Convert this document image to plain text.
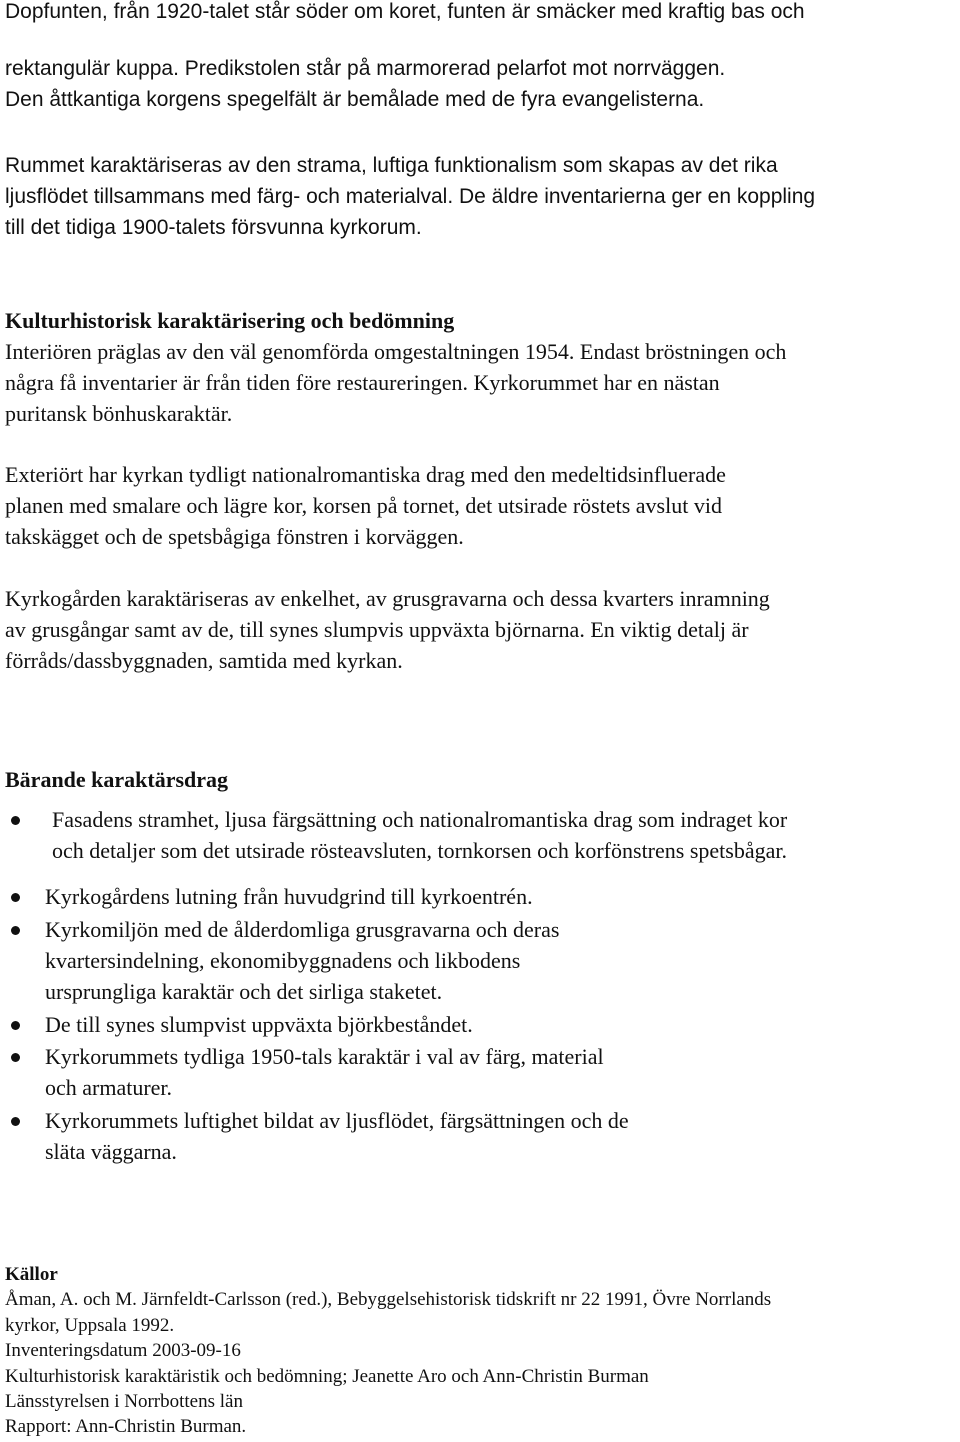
Dopfunten, från 1920-talet står söder om koret, funten är smäcker med kraftig bas och
rektangulär kuppa. Predikstolen står på marmorerad pelarfot mot norrväggen.
Den åttkantiga korgens spegelfält är bemålade med de fyra evangelisterna.
Rummet karaktäriseras av den strama, luftiga funktionalism som skapas av det rika
ljusflödet tillsammans med färg- och materialval. De äldre inventarierna ger en koppling
till det tidiga 1900-talets försvunna kyrkorum.
Kulturhistorisk karaktärisering och bedömning
Interiören präglas av den väl genomförda omgestaltningen 1954. Endast bröstningen och
några få inventarier är från tiden före restaureringen. Kyrkorummet har en nästan
puritansk bönhuskaraktär.
Exteriört har kyrkan tydligt nationalromantiska drag med den medeltidsinfluerade
planen med smalare och lägre kor, korsen på tornet, det utsirade röstets avslut vid
takskägget och de spetsbågiga fönstren i korväggen.
Kyrkogården karaktäriseras av enkelhet, av grusgravarna och dessa kvarters inramning
av grusgångar samt av de, till synes slumpvis uppväxta björnarna. En viktig detalj är
förråds/dassbyggnaden, samtida med kyrkan.
Bärande karaktärsdrag
Fasadens stramhet, ljusa färgsättning och nationalromantiska drag som indraget kor
och detaljer som det utsirade rösteavsluten, tornkorsen och korfönstrens spetsbågar.
Kyrkogårdens lutning från huvudgrind till kyrkoentrén.
Kyrkomiljön med de ålderdomliga grusgravarna och deras
kvartersindelning, ekonomibyggnadens och likbodens
ursprungliga karaktär och det sirliga staketet.
De till synes slumpvist uppväxta björkbeståndet.
Kyrkorummets tydliga 1950-tals karaktär i val av färg, material
och armaturer.
Kyrkorummets luftighet bildat av ljusflödet, färgsättningen och de
släta väggarna.
Källor
Åman, A. och M. Järnfeldt-Carlsson (red.), Bebyggelsehistorisk tidskrift nr 22 1991, Övre Norrlands
kyrkor, Uppsala 1992.
Inventeringsdatum 2003-09-16
Kulturhistorisk karaktäristik och bedömning; Jeanette Aro och Ann-Christin Burman
Länsstyrelsen i Norrbottens län
Rapport: Ann-Christin Burman.
